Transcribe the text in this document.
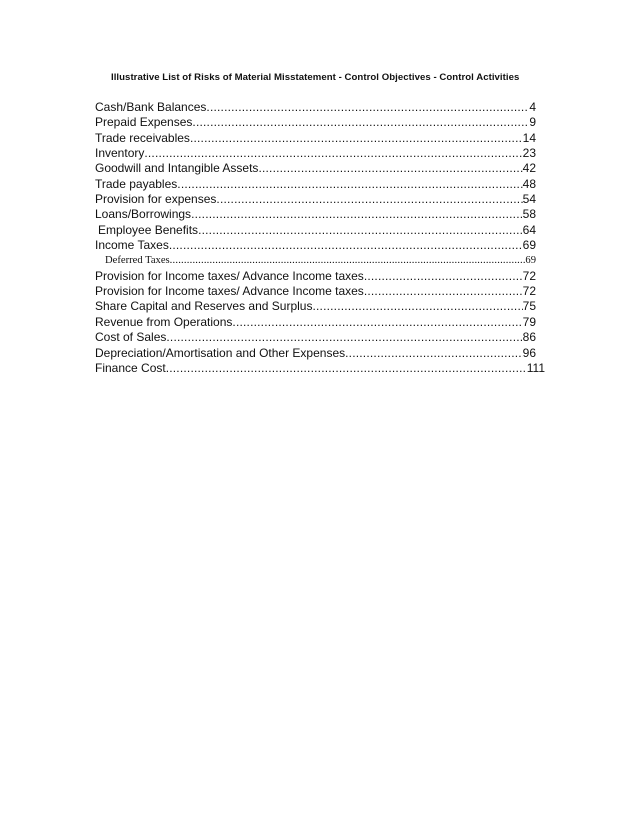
Illustrative List of Risks of Material Misstatement - Control Objectives - Control Activities
Cash/Bank Balances .....	4
Prepaid Expenses .....	9
Trade receivables .....	14
Inventory .....	23
Goodwill and Intangible Assets .....	42
Trade payables .....	48
Provision for expenses .....	54
Loans/Borrowings .....	58
Employee Benefits .....	64
Income Taxes .....	69
Deferred Taxes .....	69
Provision for Income taxes/ Advance Income taxes .....	72
Provision for Income taxes/ Advance Income taxes .....	72
Share Capital and Reserves and Surplus .....	75
Revenue from Operations .....	79
Cost of Sales .....	86
Depreciation/Amortisation and Other Expenses .....	96
Finance Cost .....	111
